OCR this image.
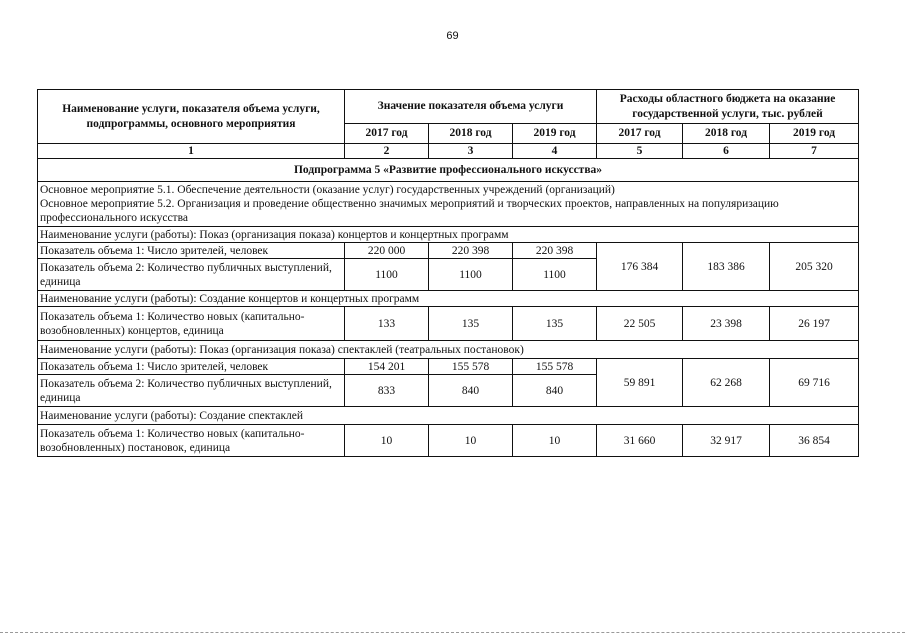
69
Наименование услуги, показателя объема услуги, подпрограммы, основного мероприятия	Значение показателя объема услуги			Расходы областного бюджета на оказание государственной услуги, тыс. рублей		
	2017 год	2018 год	2019 год	2017 год	2018 год	2019 год
1	2	3	4	5	6	7
Подпрограмма 5 «Развитие профессионального искусства»						
Основное мероприятие 5.1. Обеспечение деятельности (оказание услуг) государственных учреждений (организаций)
Основное мероприятие 5.2. Организация и проведение общественно значимых мероприятий и творческих проектов, направленных на популяризацию профессионального искусства						
Наименование услуги (работы): Показ (организация показа) концертов и концертных программ						
Показатель объема 1: Число зрителей, человек	220 000	220 398	220 398	176 384	183 386	205 320
Показатель объема 2: Количество публичных выступлений, единица	1100	1100	1100			
Наименование услуги (работы): Создание концертов и концертных программ						
Показатель объема 1: Количество новых (капитально-возобновленных) концертов, единица	133	135	135	22 505	23 398	26 197
Наименование услуги (работы): Показ (организация показа) спектаклей (театральных постановок)						
Показатель объема 1: Число зрителей, человек	154 201	155 578	155 578	59 891	62 268	69 716
Показатель объема 2: Количество публичных выступлений, единица	833	840	840			
Наименование услуги (работы): Создание спектаклей						
Показатель объема 1: Количество новых (капитально-возобновленных) постановок, единица	10	10	10	31 660	32 917	36 854
